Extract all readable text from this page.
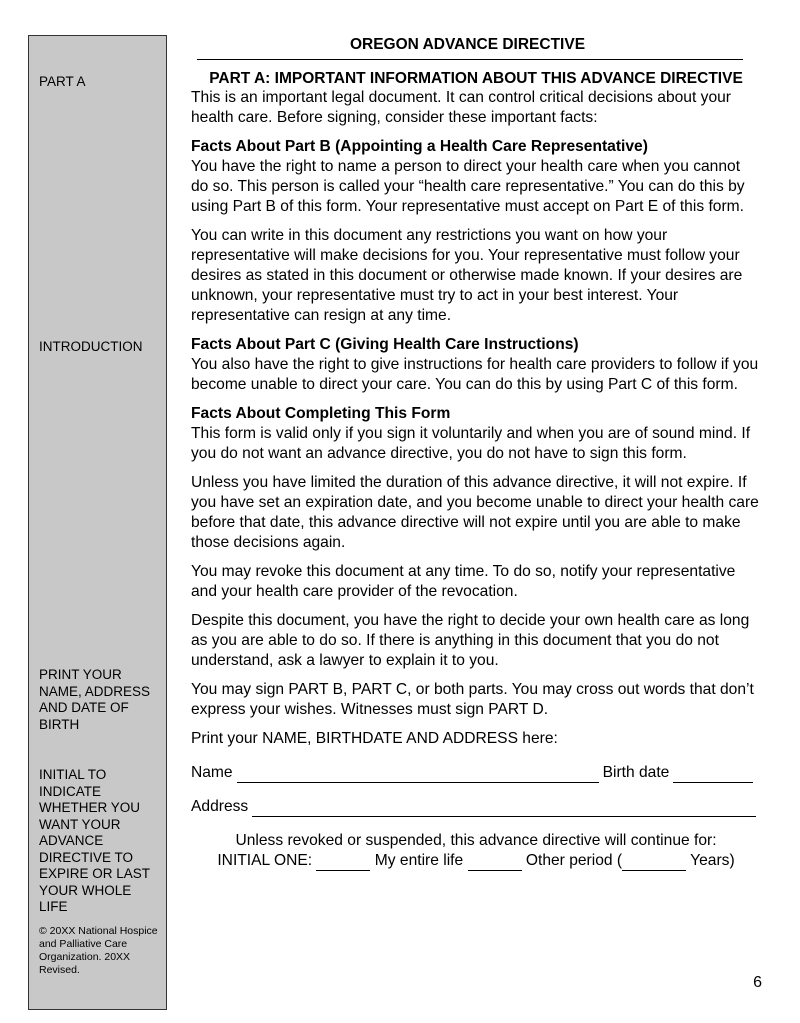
PART A
INTRODUCTION
PRINT YOUR NAME, ADDRESS AND DATE OF BIRTH
INITIAL TO INDICATE WHETHER YOU WANT YOUR ADVANCE DIRECTIVE TO EXPIRE OR LAST YOUR WHOLE LIFE
© 20XX National Hospice and Palliative Care Organization. 20XX Revised.
OREGON ADVANCE DIRECTIVE
PART A: IMPORTANT INFORMATION ABOUT THIS ADVANCE DIRECTIVE

This is an important legal document. It can control critical decisions about your health care. Before signing, consider these important facts:

Facts About Part B (Appointing a Health Care Representative)

You have the right to name a person to direct your health care when you cannot do so. This person is called your “health care representative.” You can do this by using Part B of this form. Your representative must accept on Part E of this form.

You can write in this document any restrictions you want on how your representative will make decisions for you. Your representative must follow your desires as stated in this document or otherwise made known. If your desires are unknown, your representative must try to act in your best interest. Your representative can resign at any time.

Facts About Part C (Giving Health Care Instructions)

You also have the right to give instructions for health care providers to follow if you become unable to direct your care. You can do this by using Part C of this form.

Facts About Completing This Form

This form is valid only if you sign it voluntarily and when you are of sound mind. If you do not want an advance directive, you do not have to sign this form.

Unless you have limited the duration of this advance directive, it will not expire. If you have set an expiration date, and you become unable to direct your health care before that date, this advance directive will not expire until you are able to make those decisions again.

You may revoke this document at any time. To do so, notify your representative and your health care provider of the revocation.

Despite this document, you have the right to decide your own health care as long as you are able to do so. If there is anything in this document that you do not understand, ask a lawyer to explain it to you.

You may sign PART B, PART C, or both parts. You may cross out words that don’t express your wishes. Witnesses must sign PART D.

Print your NAME, BIRTHDATE AND ADDRESS here:

Name	Birth date
Address
Unless revoked or suspended, this advance directive will continue for:
INITIAL ONE:	My entire life	Other period (	Years)
6
